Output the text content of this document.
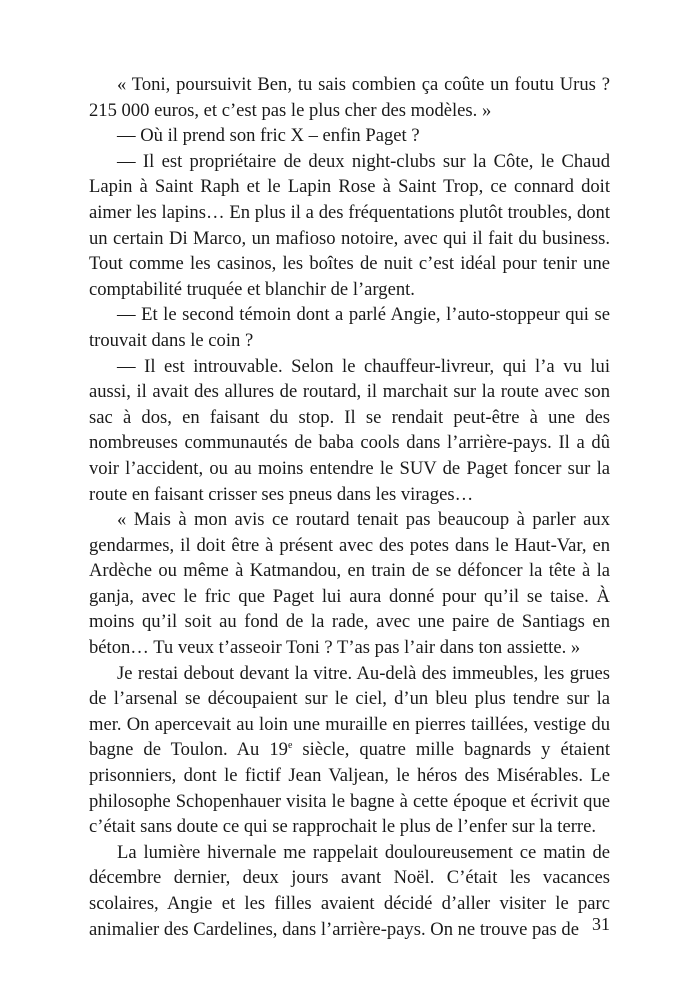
« Toni, poursuivit Ben, tu sais combien ça coûte un foutu Urus ? 215 000 euros, et c’est pas le plus cher des modèles. »

— Où il prend son fric X – enfin Paget ?

— Il est propriétaire de deux night-clubs sur la Côte, le Chaud Lapin à Saint Raph et le Lapin Rose à Saint Trop, ce connard doit aimer les lapins… En plus il a des fréquentations plutôt troubles, dont un certain Di Marco, un mafioso notoire, avec qui il fait du business. Tout comme les casinos, les boîtes de nuit c’est idéal pour tenir une comptabilité truquée et blanchir de l’argent.

— Et le second témoin dont a parlé Angie, l’auto-stoppeur qui se trouvait dans le coin ?

— Il est introuvable. Selon le chauffeur-livreur, qui l’a vu lui aussi, il avait des allures de routard, il marchait sur la route avec son sac à dos, en faisant du stop. Il se rendait peut-être à une des nombreuses communautés de baba cools dans l’arrière-pays. Il a dû voir l’accident, ou au moins entendre le SUV de Paget foncer sur la route en faisant crisser ses pneus dans les virages…

« Mais à mon avis ce routard tenait pas beaucoup à parler aux gendarmes, il doit être à présent avec des potes dans le Haut-Var, en Ardèche ou même à Katmandou, en train de se défoncer la tête à la ganja, avec le fric que Paget lui aura donné pour qu’il se taise. À moins qu’il soit au fond de la rade, avec une paire de Santiags en béton… Tu veux t’asseoir Toni ? T’as pas l’air dans ton assiette. »

Je restai debout devant la vitre. Au-delà des immeubles, les grues de l’arsenal se découpaient sur le ciel, d’un bleu plus tendre sur la mer. On apercevait au loin une muraille en pierres taillées, vestige du bagne de Toulon. Au 19e siècle, quatre mille bagnards y étaient prisonniers, dont le fictif Jean Valjean, le héros des Misérables. Le philosophe Schopenhauer visita le bagne à cette époque et écrivit que c’était sans doute ce qui se rapprochait le plus de l’enfer sur la terre.

La lumière hivernale me rappelait douloureusement ce matin de décembre dernier, deux jours avant Noël. C’était les vacances scolaires, Angie et les filles avaient décidé d’aller visiter le parc animalier des Cardelines, dans l’arrière-pays. On ne trouve pas de 31
